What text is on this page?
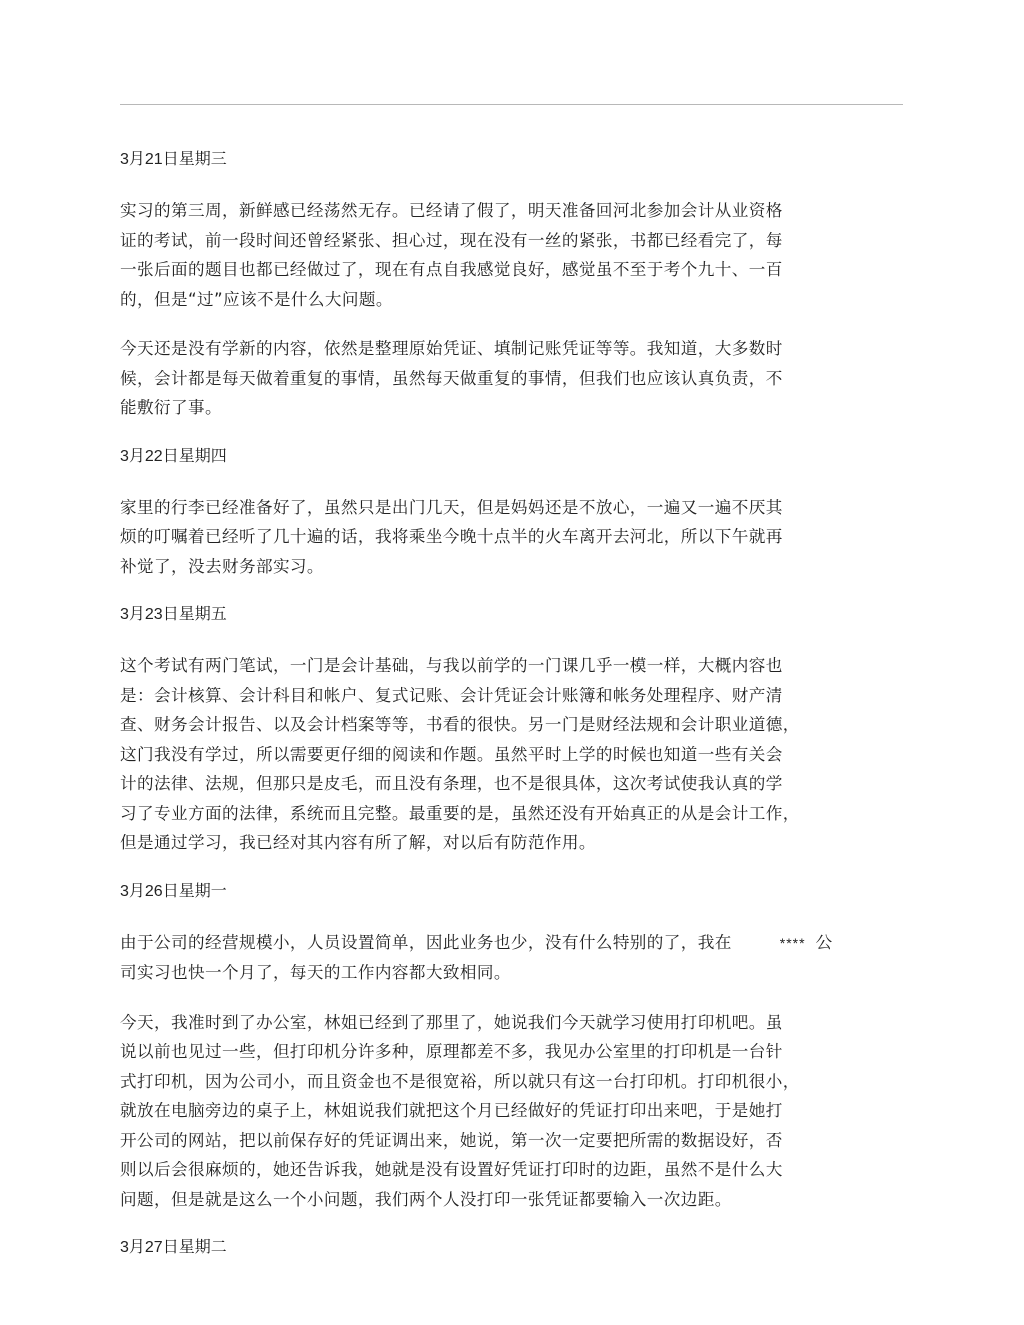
3月21日星期三
实习的第三周，新鲜感已经荡然无存。已经请了假了，明天准备回河北参加会计从业资格
证的考试，前一段时间还曾经紧张、担心过，现在没有一丝的紧张，书都已经看完了，每
一张后面的题目也都已经做过了，现在有点自我感觉良好，感觉虽不至于考个九十、一百
的，但是“过”应该不是什么大问题。
今天还是没有学新的内容，依然是整理原始凭证、填制记账凭证等等。我知道，大多数时
候，会计都是每天做着重复的事情，虽然每天做重复的事情，但我们也应该认真负责，不
能敷衍了事。
3月22日星期四
家里的行李已经准备好了，虽然只是出门几天，但是妈妈还是不放心，一遍又一遍不厌其
烦的叮嘱着已经听了几十遍的话，我将乘坐今晚十点半的火车离开去河北，所以下午就再
补觉了，没去财务部实习。
3月23日星期五
这个考试有两门笔试，一门是会计基础，与我以前学的一门课几乎一模一样，大概内容也
是：会计核算、会计科目和帐户、复式记账、会计凭证会计账簿和帐务处理程序、财产清
查、财务会计报告、以及会计档案等等，书看的很快。另一门是财经法规和会计职业道德，
这门我没有学过，所以需要更仔细的阅读和作题。虽然平时上学的时候也知道一些有关会
计的法律、法规，但那只是皮毛，而且没有条理，也不是很具体，这次考试使我认真的学
习了专业方面的法律，系统而且完整。最重要的是，虽然还没有开始真正的从是会计工作，
但是通过学习，我已经对其内容有所了解，对以后有防范作用。
3月26日星期一
由于公司的经营规模小，人员设置简单，因此业务也少，没有什么特别的了，我在	**** 公
司实习也快一个月了，每天的工作内容都大致相同。
今天，我准时到了办公室，林姐已经到了那里了，她说我们今天就学习使用打印机吧。虽
说以前也见过一些，但打印机分许多种，原理都差不多，我见办公室里的打印机是一台针
式打印机，因为公司小，而且资金也不是很宽裕，所以就只有这一台打印机。打印机很小，
就放在电脑旁边的桌子上，林姐说我们就把这个月已经做好的凭证打印出来吧，于是她打
开公司的网站，把以前保存好的凭证调出来，她说，第一次一定要把所需的数据设好，否
则以后会很麻烦的，她还告诉我，她就是没有设置好凭证打印时的边距，虽然不是什么大
问题，但是就是这么一个小问题，我们两个人没打印一张凭证都要输入一次边距。
3月27日星期二
